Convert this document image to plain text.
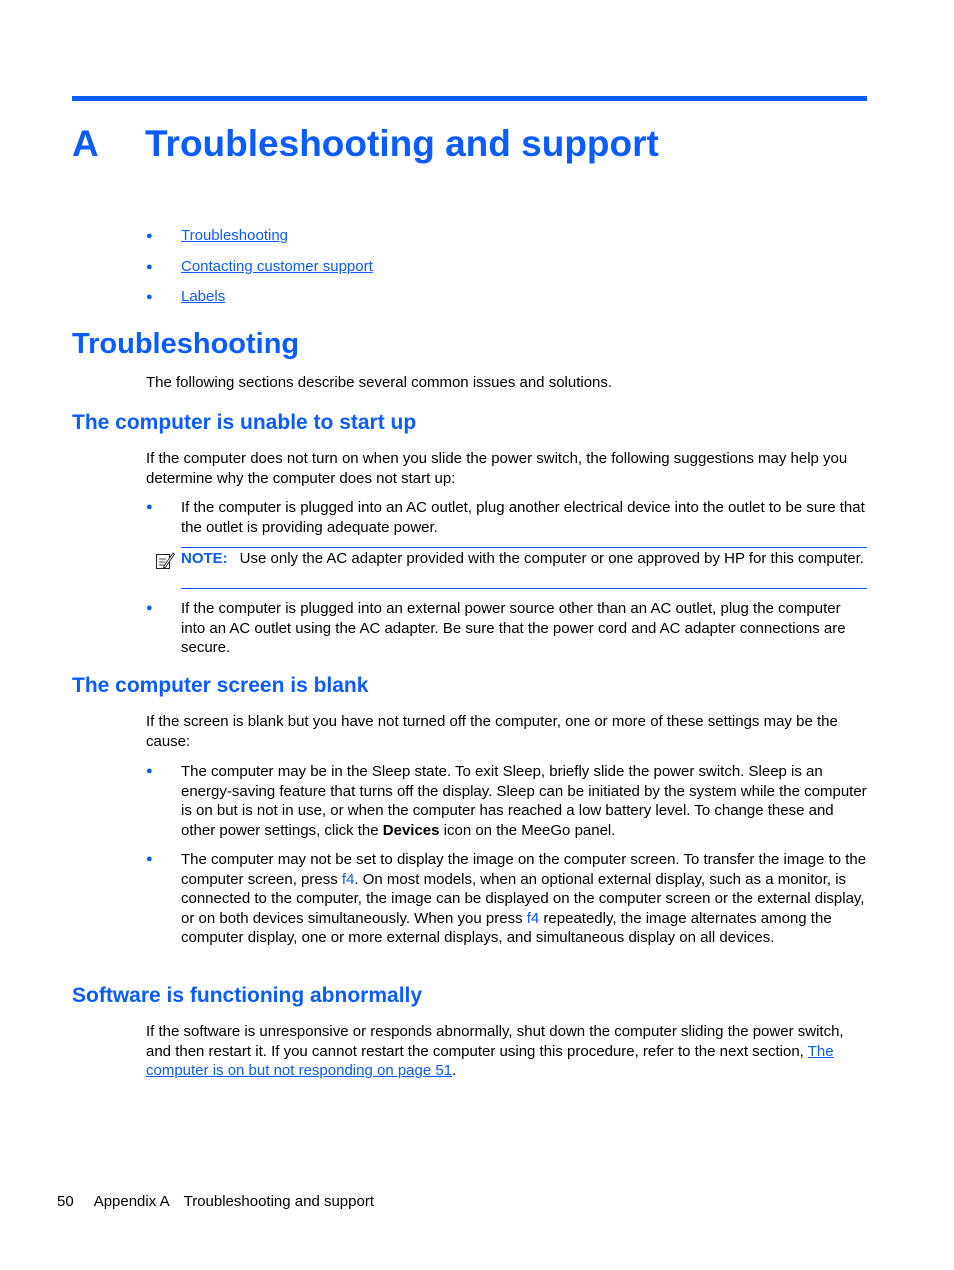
A Troubleshooting and support
● Troubleshooting
● Contacting customer support
● Labels
Troubleshooting

The following sections describe several common issues and solutions.

The computer is unable to start up

If the computer does not turn on when you slide the power switch, the following suggestions may help you determine why the computer does not start up:

● If the computer is plugged into an AC outlet, plug another electrical device into the outlet to be sure that the outlet is providing adequate power.
NOTE: Use only the AC adapter provided with the computer or one approved by HP for this computer.
● If the computer is plugged into an external power source other than an AC outlet, plug the computer into an AC outlet using the AC adapter. Be sure that the power cord and AC adapter connections are secure.
The computer screen is blank

If the screen is blank but you have not turned off the computer, one or more of these settings may be the cause:

● The computer may be in the Sleep state. To exit Sleep, briefly slide the power switch. Sleep is an energy-saving feature that turns off the display. Sleep can be initiated by the system while the computer is on but is not in use, or when the computer has reached a low battery level. To change these and other power settings, click the Devices icon on the MeeGo panel.
● The computer may not be set to display the image on the computer screen. To transfer the image to the computer screen, press f4. On most models, when an optional external display, such as a monitor, is connected to the computer, the image can be displayed on the computer screen or the external display, or on both devices simultaneously. When you press f4 repeatedly, the image alternates among the computer display, one or more external displays, and simultaneous display on all devices.
Software is functioning abnormally

If the software is unresponsive or responds abnormally, shut down the computer sliding the power switch, and then restart it. If you cannot restart the computer using this procedure, refer to the next section, The computer is on but not responding on page 51.

50 Appendix A Troubleshooting and support
